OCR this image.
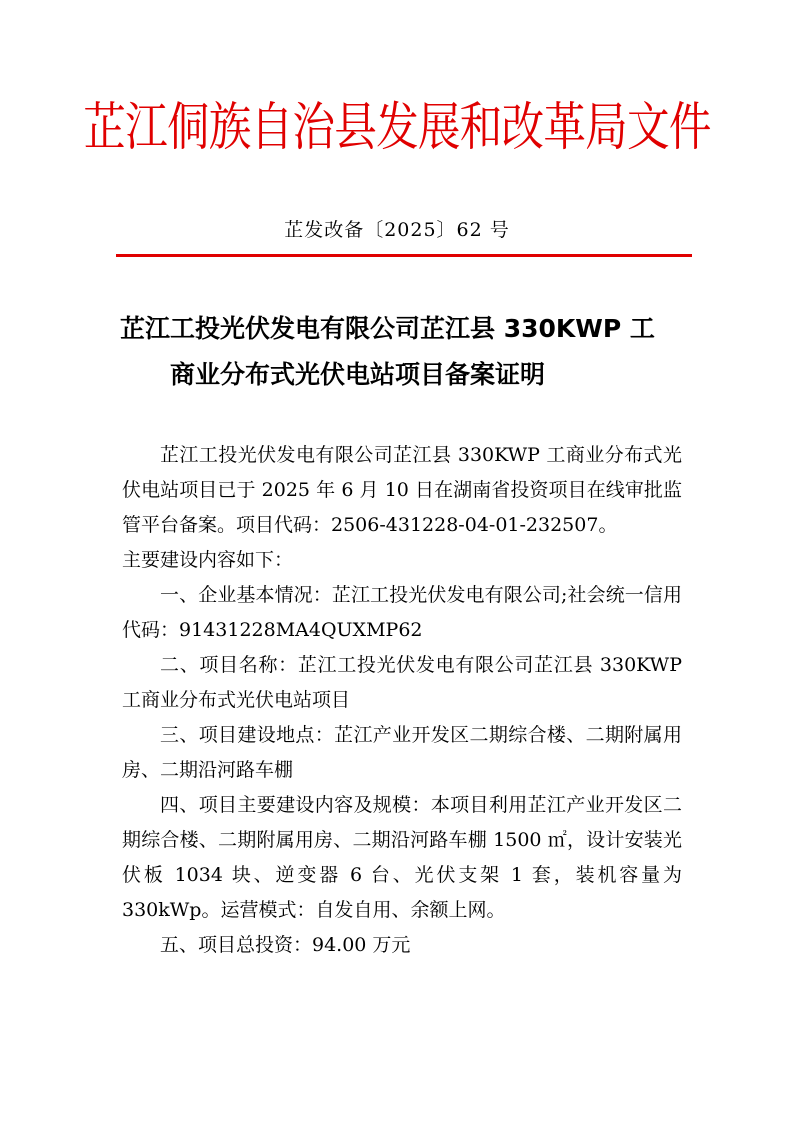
芷江侗族自治县发展和改革局文件
芷发改备〔2025〕62 号
芷江工投光伏发电有限公司芷江县 330KWP 工
商业分布式光伏电站项目备案证明

芷江工投光伏发电有限公司芷江县 330KWP 工商业分布式光伏电站项目已于 2025 年 6 月 10 日在湖南省投资项目在线审批监管平台备案。项目代码：2506-431228-04-01-232507。
主要建设内容如下：

一、企业基本情况：芷江工投光伏发电有限公司;社会统一信用代码：91431228MA4QUXMP62

二、项目名称：芷江工投光伏发电有限公司芷江县 330KWP 工商业分布式光伏电站项目

三、项目建设地点：芷江产业开发区二期综合楼、二期附属用房、二期沿河路车棚

四、项目主要建设内容及规模：本项目利用芷江产业开发区二期综合楼、二期附属用房、二期沿河路车棚 1500 ㎡，设计安装光伏板 1034 块、逆变器 6 台、光伏支架 1 套，装机容量为 330kWp。运营模式：自发自用、余额上网。

五、项目总投资：94.00 万元
